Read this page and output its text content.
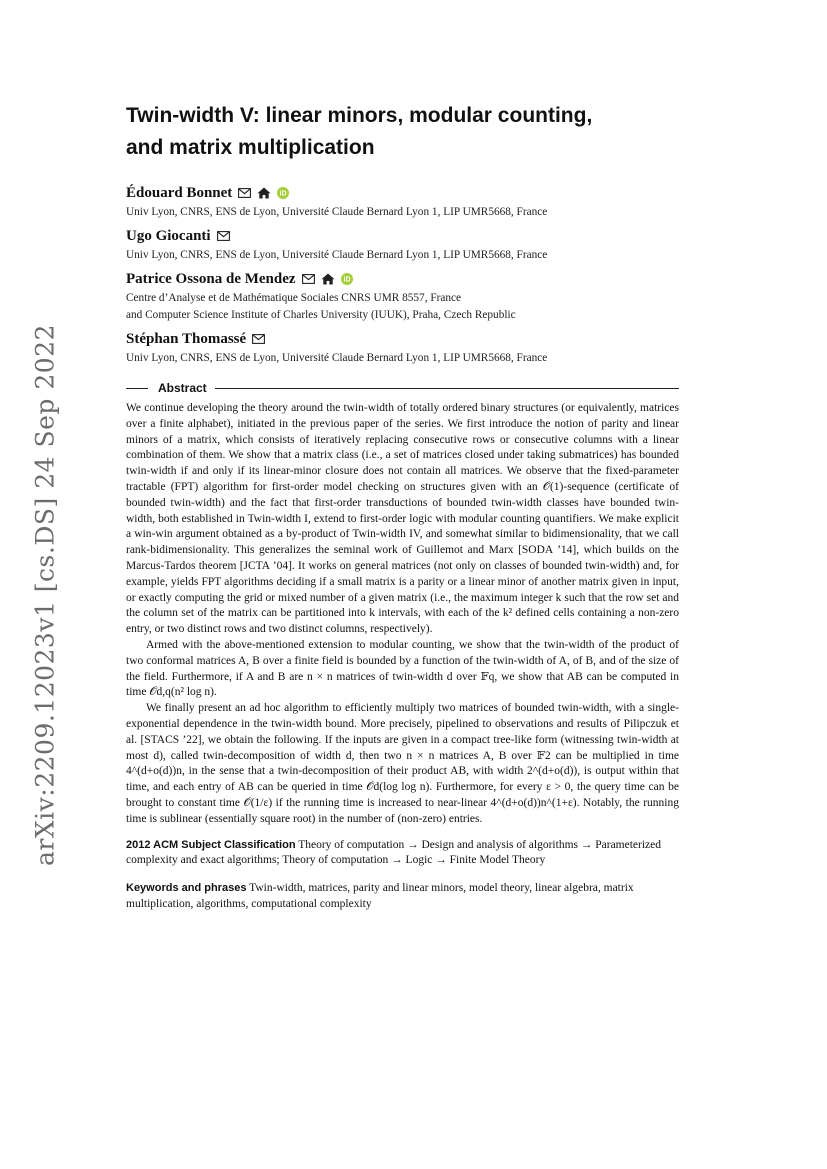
arXiv:2209.12023v1 [cs.DS] 24 Sep 2022
Twin-width V: linear minors, modular counting,
and matrix multiplication
Édouard Bonnet	iD
Univ Lyon, CNRS, ENS de Lyon, Université Claude Bernard Lyon 1, LIP UMR5668, France
Ugo Giocanti
Univ Lyon, CNRS, ENS de Lyon, Université Claude Bernard Lyon 1, LIP UMR5668, France
Patrice Ossona de Mendez	iD
Centre d’Analyse et de Mathématique Sociales CNRS UMR 8557, France
and Computer Science Institute of Charles University (IUUK), Praha, Czech Republic
Stéphan Thomassé
Univ Lyon, CNRS, ENS de Lyon, Université Claude Bernard Lyon 1, LIP UMR5668, France
Abstract

We continue developing the theory around the twin-width of totally ordered binary structures (or equivalently, matrices over a finite alphabet), initiated in the previous paper of the series. We first introduce the notion of parity and linear minors of a matrix, which consists of iteratively replacing consecutive rows or consecutive columns with a linear combination of them. We show that a matrix class (i.e., a set of matrices closed under taking submatrices) has bounded twin-width if and only if its linear-minor closure does not contain all matrices. We observe that the fixed-parameter tractable (FPT) algorithm for first-order model checking on structures given with an 𝒪(1)-sequence (certificate of bounded twin-width) and the fact that first-order transductions of bounded twin-width classes have bounded twin-width, both established in Twin-width I, extend to first-order logic with modular counting quantifiers. We make explicit a win-win argument obtained as a by-product of Twin-width IV, and somewhat similar to bidimensionality, that we call rank-bidimensionality. This generalizes the seminal work of Guillemot and Marx [SODA ’14], which builds on the Marcus-Tardos theorem [JCTA ’04]. It works on general matrices (not only on classes of bounded twin-width) and, for example, yields FPT algorithms deciding if a small matrix is a parity or a linear minor of another matrix given in input, or exactly computing the grid or mixed number of a given matrix (i.e., the maximum integer k such that the row set and the column set of the matrix can be partitioned into k intervals, with each of the k² defined cells containing a non-zero entry, or two distinct rows and two distinct columns, respectively).

Armed with the above-mentioned extension to modular counting, we show that the twin-width of the product of two conformal matrices A, B over a finite field is bounded by a function of the twin-width of A, of B, and of the size of the field. Furthermore, if A and B are n × n matrices of twin-width d over 𝔽q, we show that AB can be computed in time 𝒪d,q(n² log n).

We finally present an ad hoc algorithm to efficiently multiply two matrices of bounded twin-width, with a single-exponential dependence in the twin-width bound. More precisely, pipelined to observations and results of Pilipczuk et al. [STACS ’22], we obtain the following. If the inputs are given in a compact tree-like form (witnessing twin-width at most d), called twin-decomposition of width d, then two n × n matrices A, B over 𝔽2 can be multiplied in time 4^(d+o(d))n, in the sense that a twin-decomposition of their product AB, with width 2^(d+o(d)), is output within that time, and each entry of AB can be queried in time 𝒪d(log log n). Furthermore, for every ε > 0, the query time can be brought to constant time 𝒪(1/ε) if the running time is increased to near-linear 4^(d+o(d))n^(1+ε). Notably, the running time is sublinear (essentially square root) in the number of (non-zero) entries.

2012 ACM Subject Classification Theory of computation → Design and analysis of algorithms → Parameterized complexity and exact algorithms; Theory of computation → Logic → Finite Model Theory
Keywords and phrases Twin-width, matrices, parity and linear minors, model theory, linear algebra, matrix multiplication, algorithms, computational complexity
